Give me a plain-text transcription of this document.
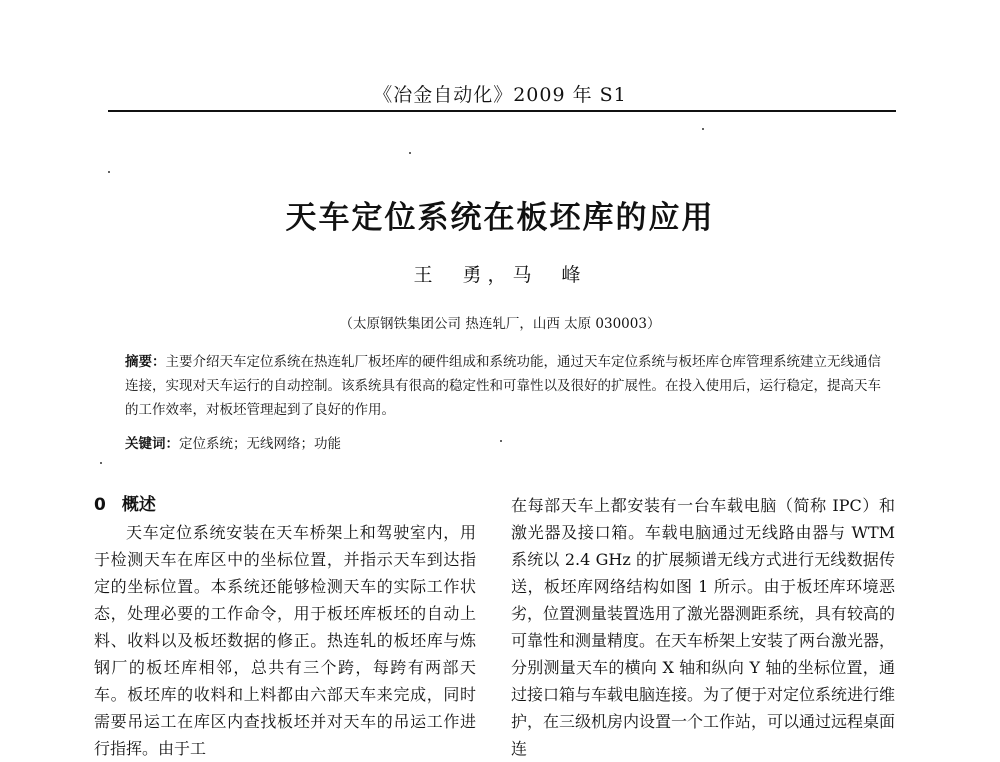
《冶金自动化》2009 年 S1
天车定位系统在板坯库的应用
王 勇，马 峰
（太原钢铁集团公司 热连轧厂，山西 太原 030003）
摘要：主要介绍天车定位系统在热连轧厂板坯库的硬件组成和系统功能，通过天车定位系统与板坯库仓库管理系统建立无线通信连接，实现对天车运行的自动控制。该系统具有很高的稳定性和可靠性以及很好的扩展性。在投入使用后，运行稳定，提高天车的工作效率，对板坯管理起到了良好的作用。
关键词：定位系统；无线网络；功能

0 概述

天车定位系统安装在天车桥架上和驾驶室内，用于检测天车在库区中的坐标位置，并指示天车到达指定的坐标位置。本系统还能够检测天车的实际工作状态，处理必要的工作命令，用于板坯库板坯的自动上料、收料以及板坯数据的修正。热连轧的板坯库与炼钢厂的板坯库相邻，总共有三个跨，每跨有两部天车。板坯库的收料和上料都由六部天车来完成，同时需要吊运工在库区内查找板坯并对天车的吊运工作进行指挥。由于工

在每部天车上都安装有一台车载电脑（简称 IPC）和激光器及接口箱。车载电脑通过无线路由器与 WTM 系统以 2.4 GHz 的扩展频谱无线方式进行无线数据传送，板坯库网络结构如图 1 所示。由于板坯库环境恶劣，位置测量装置选用了激光器测距系统，具有较高的可靠性和测量精度。在天车桥架上安装了两台激光器，分别测量天车的横向 X 轴和纵向 Y 轴的坐标位置，通过接口箱与车载电脑连接。为了便于对定位系统进行维护，在三级机房内设置一个工作站，可以通过远程桌面连
